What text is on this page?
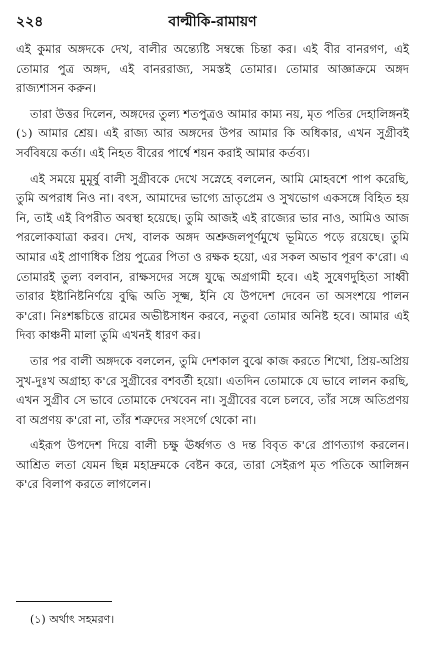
২২৪	বাল্মীকি-রামায়ণ

এই কুমার অঙ্গদকে দেখ, বালীর অন্ত্যেষ্টি সম্বন্ধে চিন্তা কর। এই বীর বানরগণ, এই তোমার পুত্র অঙ্গদ, এই বানররাজ্য, সমস্তই তোমার। তোমার আজ্ঞাক্রমে অঙ্গদ রাজ্যশাসন করুন।

তারা উত্তর দিলেন, অঙ্গদের তুল্য শতপুত্রও আমার কাম্য নয়, মৃত পতির দেহালিঙ্গনই (১) আমার শ্রেয়। এই রাজ্য আর অঙ্গদের উপর আমার কি অধিকার, এখন সুগ্রীবই সর্ববিষয়ে কর্তা। এই নিহত বীরের পার্শ্বে শয়ন করাই আমার কর্তব্য।

এই সময়ে মুমূর্ষু বালী সুগ্রীবকে দেখে সস্নেহে বললেন, আমি মোহবশে পাপ করেছি, তুমি অপরাধ নিও না। বৎস, আমাদের ভাগ্যে ভ্রাতৃপ্রেম ও সুখভোগ একসঙ্গে বিহিত হয় নি, তাই এই বিপরীত অবস্থা হয়েছে। তুমি আজই এই রাজ্যের ভার নাও, আমিও আজ পরলোকযাত্রা করব। দেখ, বালক অঙ্গদ অশ্রুজলপূর্ণমুখে ভূমিতে পড়ে রয়েছে। তুমি আমার এই প্রাণাধিক প্রিয় পুত্রের পিতা ও রক্ষক হয়ো, এর সকল অভাব পূরণ ক'রো। এ তোমারই তুল্য বলবান, রাক্ষসদের সঙ্গে যুদ্ধে অগ্রগামী হবে। এই সুষেণদুহিতা সাধ্বী তারার ইষ্টানিষ্টনির্ণয়ে বুদ্ধি অতি সূক্ষ্ম, ইনি যে উপদেশ দেবেন তা অসংশয়ে পালন ক'রো। নিঃশঙ্কচিত্তে রামের অভীষ্টসাধন করবে, নতুবা তোমার অনিষ্ট হবে। আমার এই দিব্য কাঞ্চনী মালা তুমি এখনই ধারণ কর।

তার পর বালী অঙ্গদকে বললেন, তুমি দেশকাল বুঝে কাজ করতে শিখো, প্রিয়-অপ্রিয় সুখ-দুঃখ অগ্রাহ্য ক'রে সুগ্রীবের বশবর্তী হয়ো। এতদিন তোমাকে যে ভাবে লালন করছি, এখন সুগ্রীব সে ভাবে তোমাকে দেখবেন না। সুগ্রীবের বলে চলবে, তাঁর সঙ্গে অতিপ্রণয় বা অপ্রণয় ক'রো না, তাঁর শত্রুদের সংসর্গে থেকো না।

এইরূপ উপদেশ দিয়ে বালী চক্ষু ঊর্ধ্বগত ও দন্ত বিবৃত ক'রে প্রাণত্যাগ করলেন। আশ্রিত লতা যেমন ছিন্ন মহাদ্রুমকে বেষ্টন করে, তারা সেইরূপ মৃত পতিকে আলিঙ্গন ক'রে বিলাপ করতে লাগলেন।

(১) অর্থাৎ সহমরণ।
